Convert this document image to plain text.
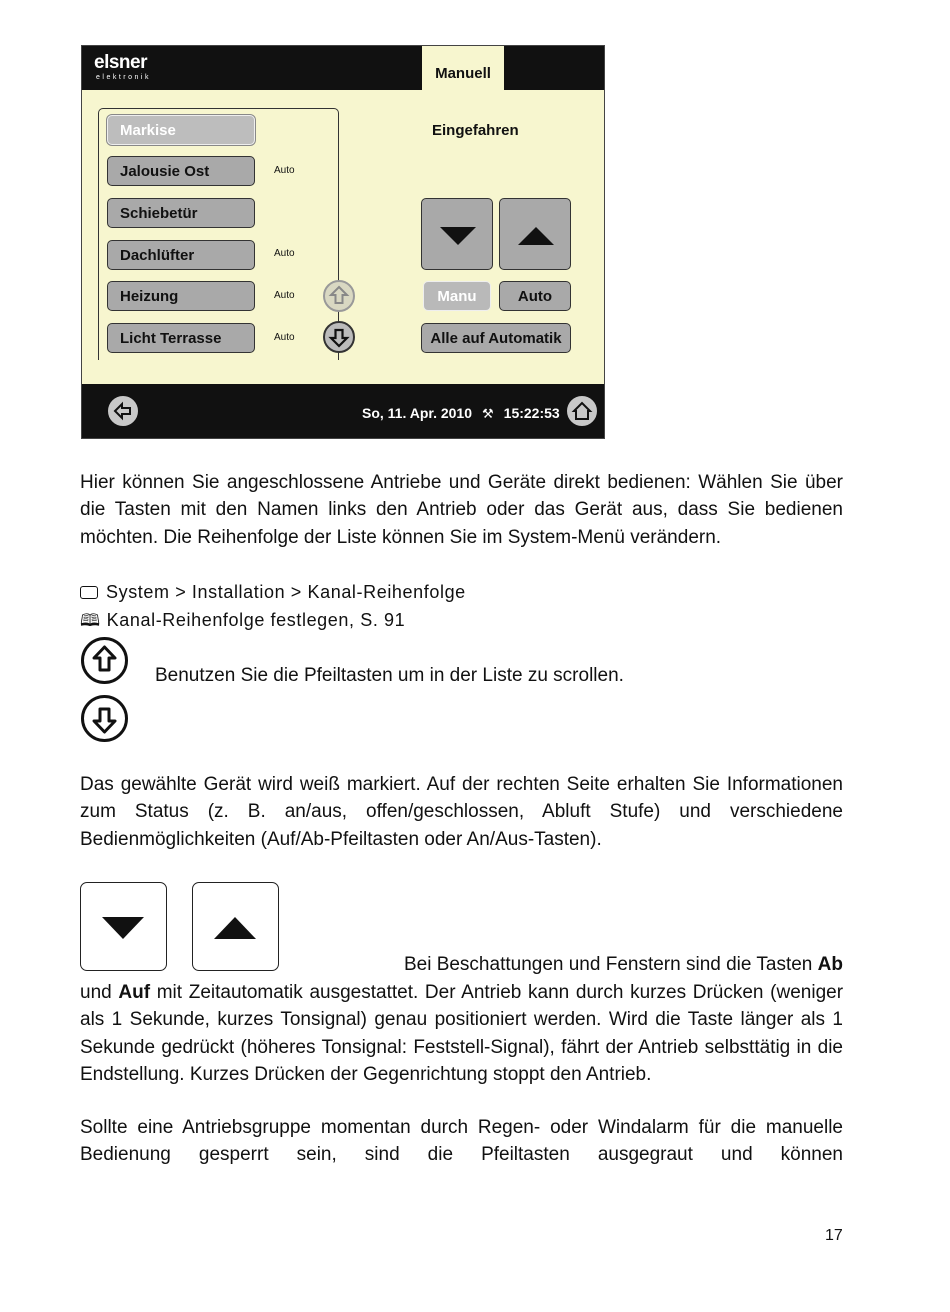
elsner
elektronik	Manuell
Markise
Jalousie Ost	Auto
Schiebetür
Dachlüfter	Auto
Heizung	Auto
Licht Terrasse	Auto
Eingefahren
Manu	Auto
Alle auf Automatik
So, 11. Apr. 2010 ⚒ 15:22:53
Hier können Sie angeschlossene Antriebe und Geräte direkt bedienen: Wählen Sie über die Tasten mit den Namen links den Antrieb oder das Gerät aus, dass Sie bedienen möchten. Die Reihenfolge der Liste können Sie im System-Menü verändern.
System > Installation > Kanal-Reihenfolge
🕮 Kanal-Reihenfolge festlegen, S. 91
Benutzen Sie die Pfeiltasten um in der Liste zu scrollen.
Das gewählte Gerät wird weiß markiert. Auf der rechten Seite erhalten Sie Informationen zum Status (z. B. an/aus, offen/geschlossen, Abluft Stufe) und verschiedene Bedienmöglichkeiten (Auf/Ab-Pfeiltasten oder An/Aus-Tasten).
Bei Beschattungen und Fenstern sind die Tasten Ab
und Auf mit Zeitautomatik ausgestattet. Der Antrieb kann durch kurzes Drücken (weniger als 1 Sekunde, kurzes Tonsignal) genau positioniert werden. Wird die Taste länger als 1 Sekunde gedrückt (höheres Tonsignal: Feststell-Signal), fährt der Antrieb selbsttätig in die Endstellung. Kurzes Drücken der Gegenrichtung stoppt den Antrieb.
Sollte eine Antriebsgruppe momentan durch Regen- oder Windalarm für die manuelle Bedienung gesperrt sein, sind die Pfeiltasten ausgegraut und können
17
